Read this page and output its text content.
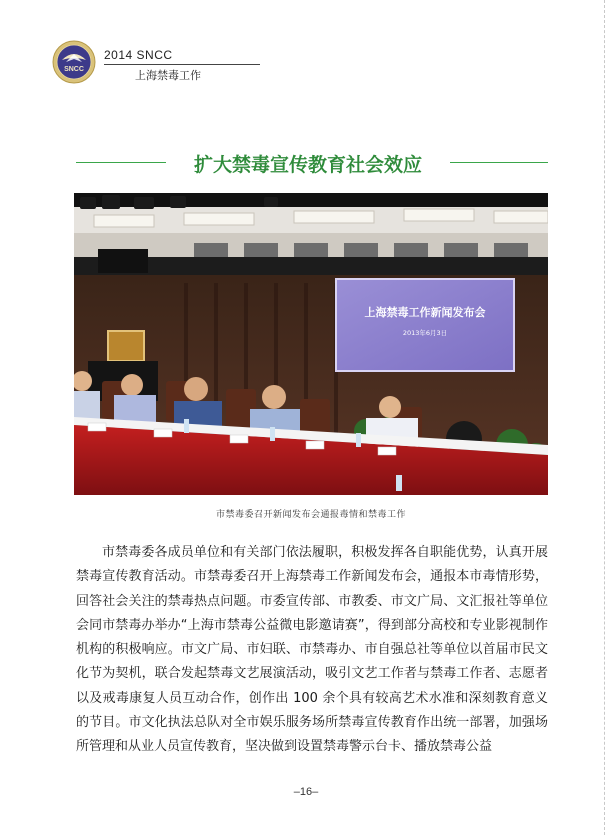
SNCC
2014 SNCC
上海禁毒工作
扩大禁毒宣传教育社会效应
上海禁毒工作新闻发布会
2013年6月3日
市禁毒委召开新闻发布会通报毒情和禁毒工作
市禁毒委各成员单位和有关部门依法履职，积极发挥各自职能优势，认真开展禁毒宣传教育活动。市禁毒委召开上海禁毒工作新闻发布会，通报本市毒情形势，回答社会关注的禁毒热点问题。市委宣传部、市教委、市文广局、文汇报社等单位会同市禁毒办举办“上海市禁毒公益微电影邀请赛”，得到部分高校和专业影视制作机构的积极响应。市文广局、市妇联、市禁毒办、市自强总社等单位以首届市民文化节为契机，联合发起禁毒文艺展演活动，吸引文艺工作者与禁毒工作者、志愿者以及戒毒康复人员互动合作，创作出 100 余个具有较高艺术水准和深刻教育意义的节目。市文化执法总队对全市娱乐服务场所禁毒宣传教育作出统一部署，加强场所管理和从业人员宣传教育，坚决做到设置禁毒警示台卡、播放禁毒公益
–16–
